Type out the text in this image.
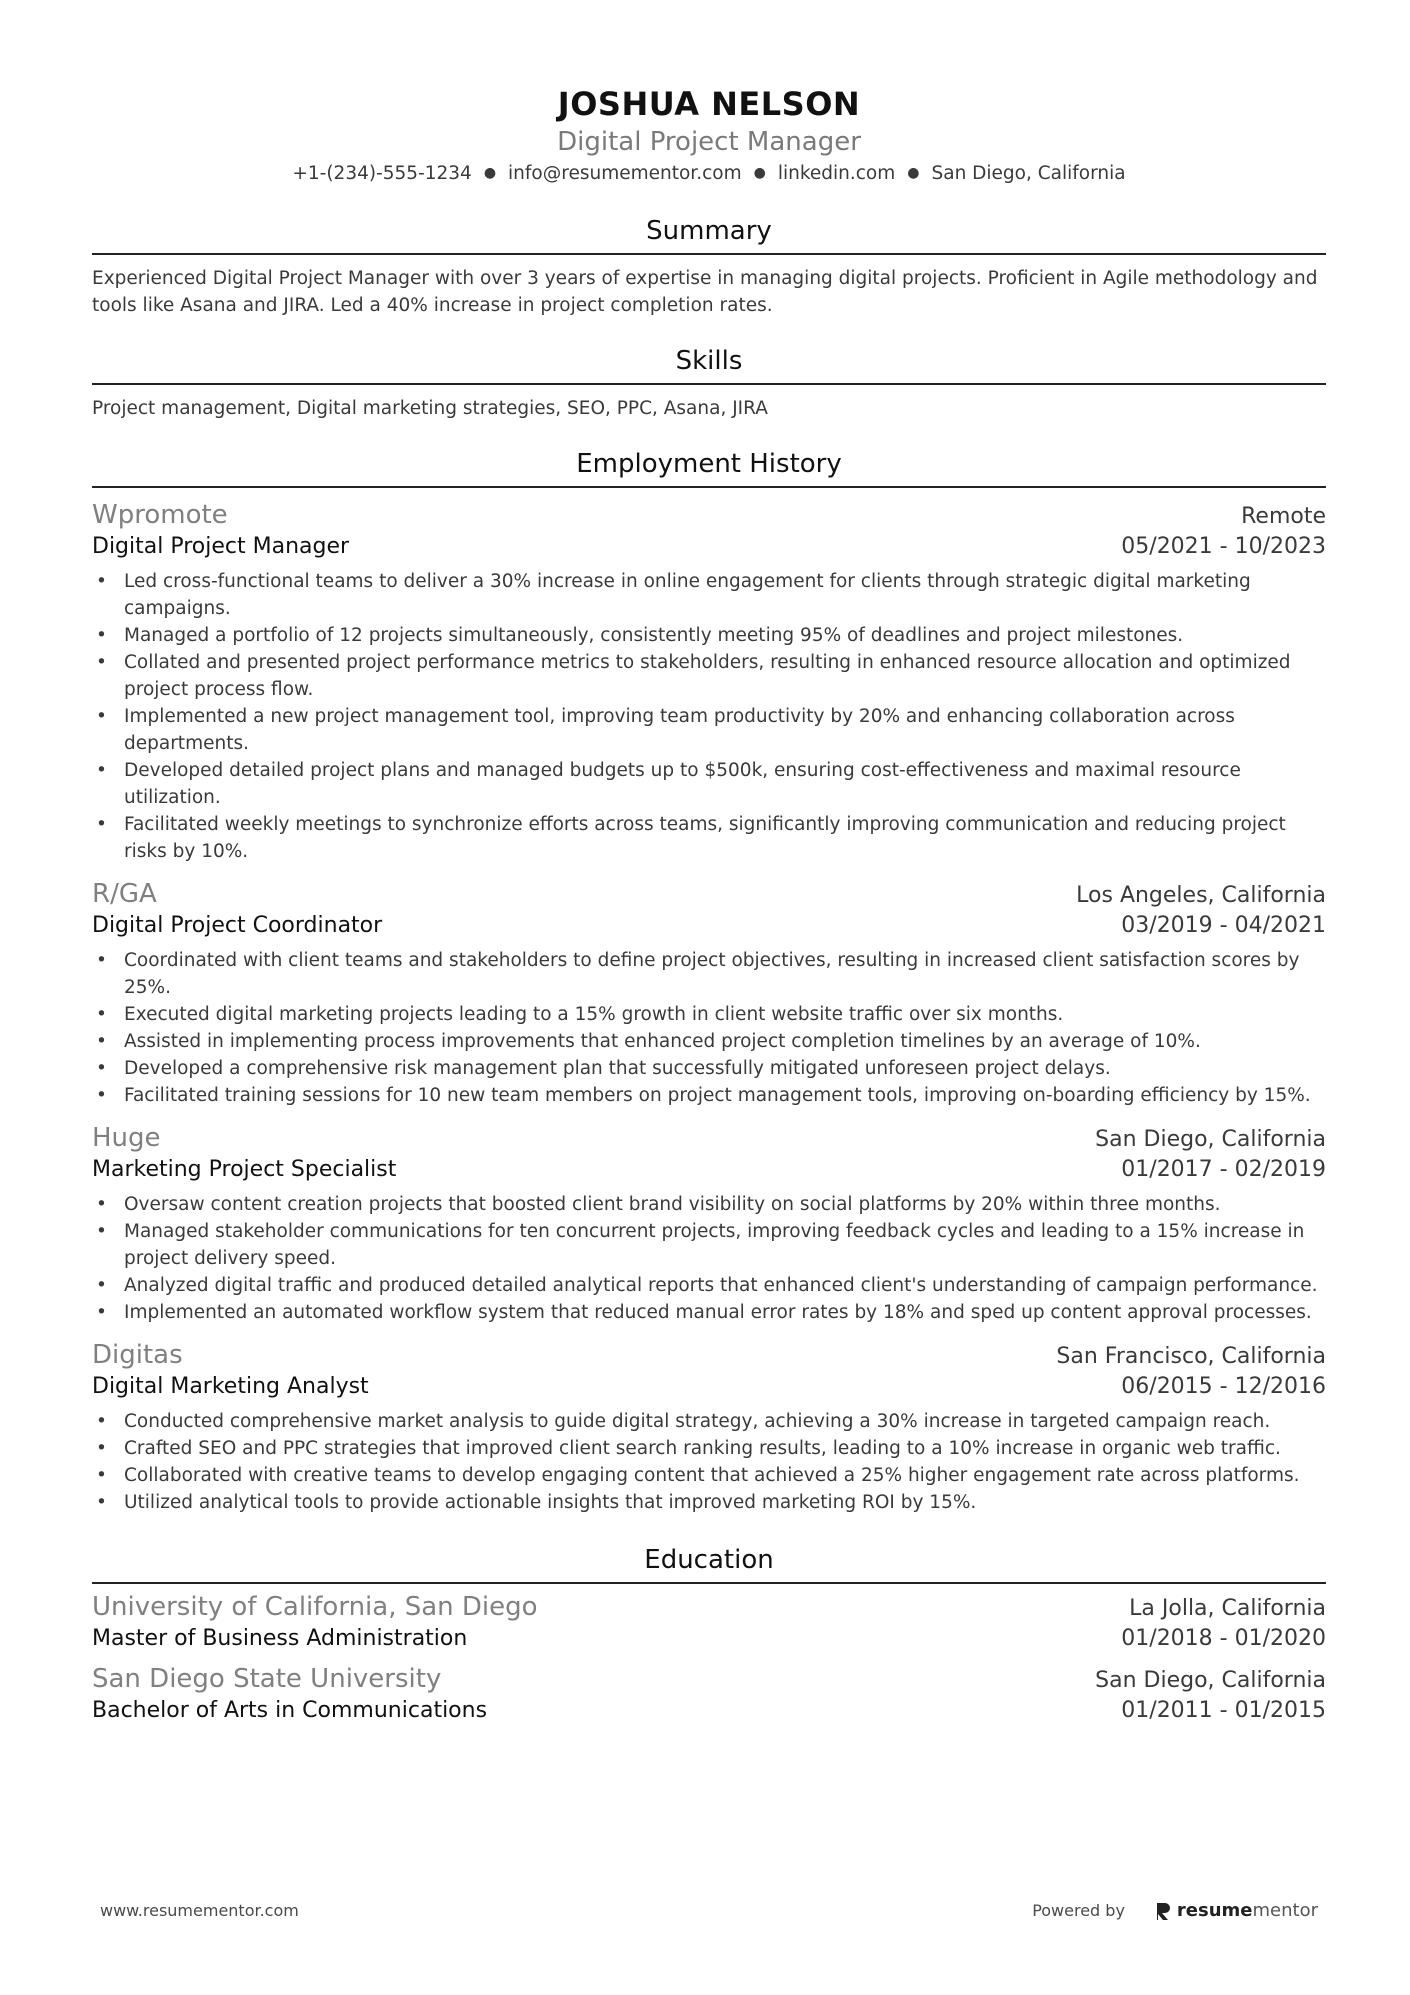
JOSHUA NELSON
Digital Project Manager
+1-(234)-555-1234 ● info@resumementor.com ● linkedin.com ● San Diego, California
Summary
Experienced Digital Project Manager with over 3 years of expertise in managing digital projects. Proficient in Agile methodology and tools like Asana and JIRA. Led a 40% increase in project completion rates.
Skills
Project management, Digital marketing strategies, SEO, PPC, Asana, JIRA
Employment History
Wpromote	Remote
Digital Project Manager	05/2021 - 10/2023
• Led cross-functional teams to deliver a 30% increase in online engagement for clients through strategic digital marketing campaigns.
• Managed a portfolio of 12 projects simultaneously, consistently meeting 95% of deadlines and project milestones.
• Collated and presented project performance metrics to stakeholders, resulting in enhanced resource allocation and optimized project process flow.
• Implemented a new project management tool, improving team productivity by 20% and enhancing collaboration across departments.
• Developed detailed project plans and managed budgets up to $500k, ensuring cost-effectiveness and maximal resource utilization.
• Facilitated weekly meetings to synchronize efforts across teams, significantly improving communication and reducing project risks by 10%.
R/GA	Los Angeles, California
Digital Project Coordinator	03/2019 - 04/2021
• Coordinated with client teams and stakeholders to define project objectives, resulting in increased client satisfaction scores by 25%.
• Executed digital marketing projects leading to a 15% growth in client website traffic over six months.
• Assisted in implementing process improvements that enhanced project completion timelines by an average of 10%.
• Developed a comprehensive risk management plan that successfully mitigated unforeseen project delays.
• Facilitated training sessions for 10 new team members on project management tools, improving on-boarding efficiency by 15%.
Huge	San Diego, California
Marketing Project Specialist	01/2017 - 02/2019
• Oversaw content creation projects that boosted client brand visibility on social platforms by 20% within three months.
• Managed stakeholder communications for ten concurrent projects, improving feedback cycles and leading to a 15% increase in project delivery speed.
• Analyzed digital traffic and produced detailed analytical reports that enhanced client's understanding of campaign performance.
• Implemented an automated workflow system that reduced manual error rates by 18% and sped up content approval processes.
Digitas	San Francisco, California
Digital Marketing Analyst	06/2015 - 12/2016
• Conducted comprehensive market analysis to guide digital strategy, achieving a 30% increase in targeted campaign reach.
• Crafted SEO and PPC strategies that improved client search ranking results, leading to a 10% increase in organic web traffic.
• Collaborated with creative teams to develop engaging content that achieved a 25% higher engagement rate across platforms.
• Utilized analytical tools to provide actionable insights that improved marketing ROI by 15%.
Education
University of California, San Diego	La Jolla, California
Master of Business Administration	01/2018 - 01/2020
San Diego State University	San Diego, California
Bachelor of Arts in Communications	01/2011 - 01/2015
www.resumementor.com	Powered by	resumementor
